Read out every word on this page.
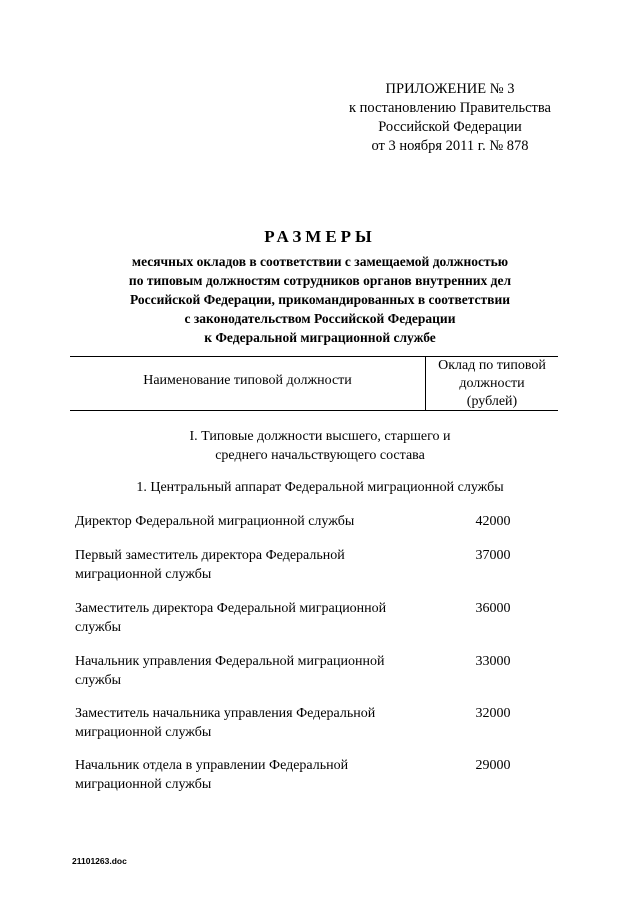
ПРИЛОЖЕНИЕ № 3
к постановлению Правительства
Российской Федерации
от 3 ноября 2011 г. № 878
РАЗМЕРЫ
месячных окладов в соответствии с замещаемой должностью
по типовым должностям сотрудников органов внутренних дел
Российской Федерации, прикомандированных в соответствии
с законодательством Российской Федерации
к Федеральной миграционной службе
Наименование типовой должности
Оклад по типовой
должности
(рублей)
I. Типовые должности высшего, старшего и
среднего начальствующего состава
1. Центральный аппарат Федеральной миграционной службы
Директор Федеральной миграционной службы	42000
Первый заместитель директора Федеральной
миграционной службы
37000
Заместитель директора Федеральной миграционной
службы
36000
Начальник управления Федеральной миграционной
службы
33000
Заместитель начальника управления Федеральной
миграционной службы
32000
Начальник отдела в управлении Федеральной
миграционной службы
29000
21101263.doc
